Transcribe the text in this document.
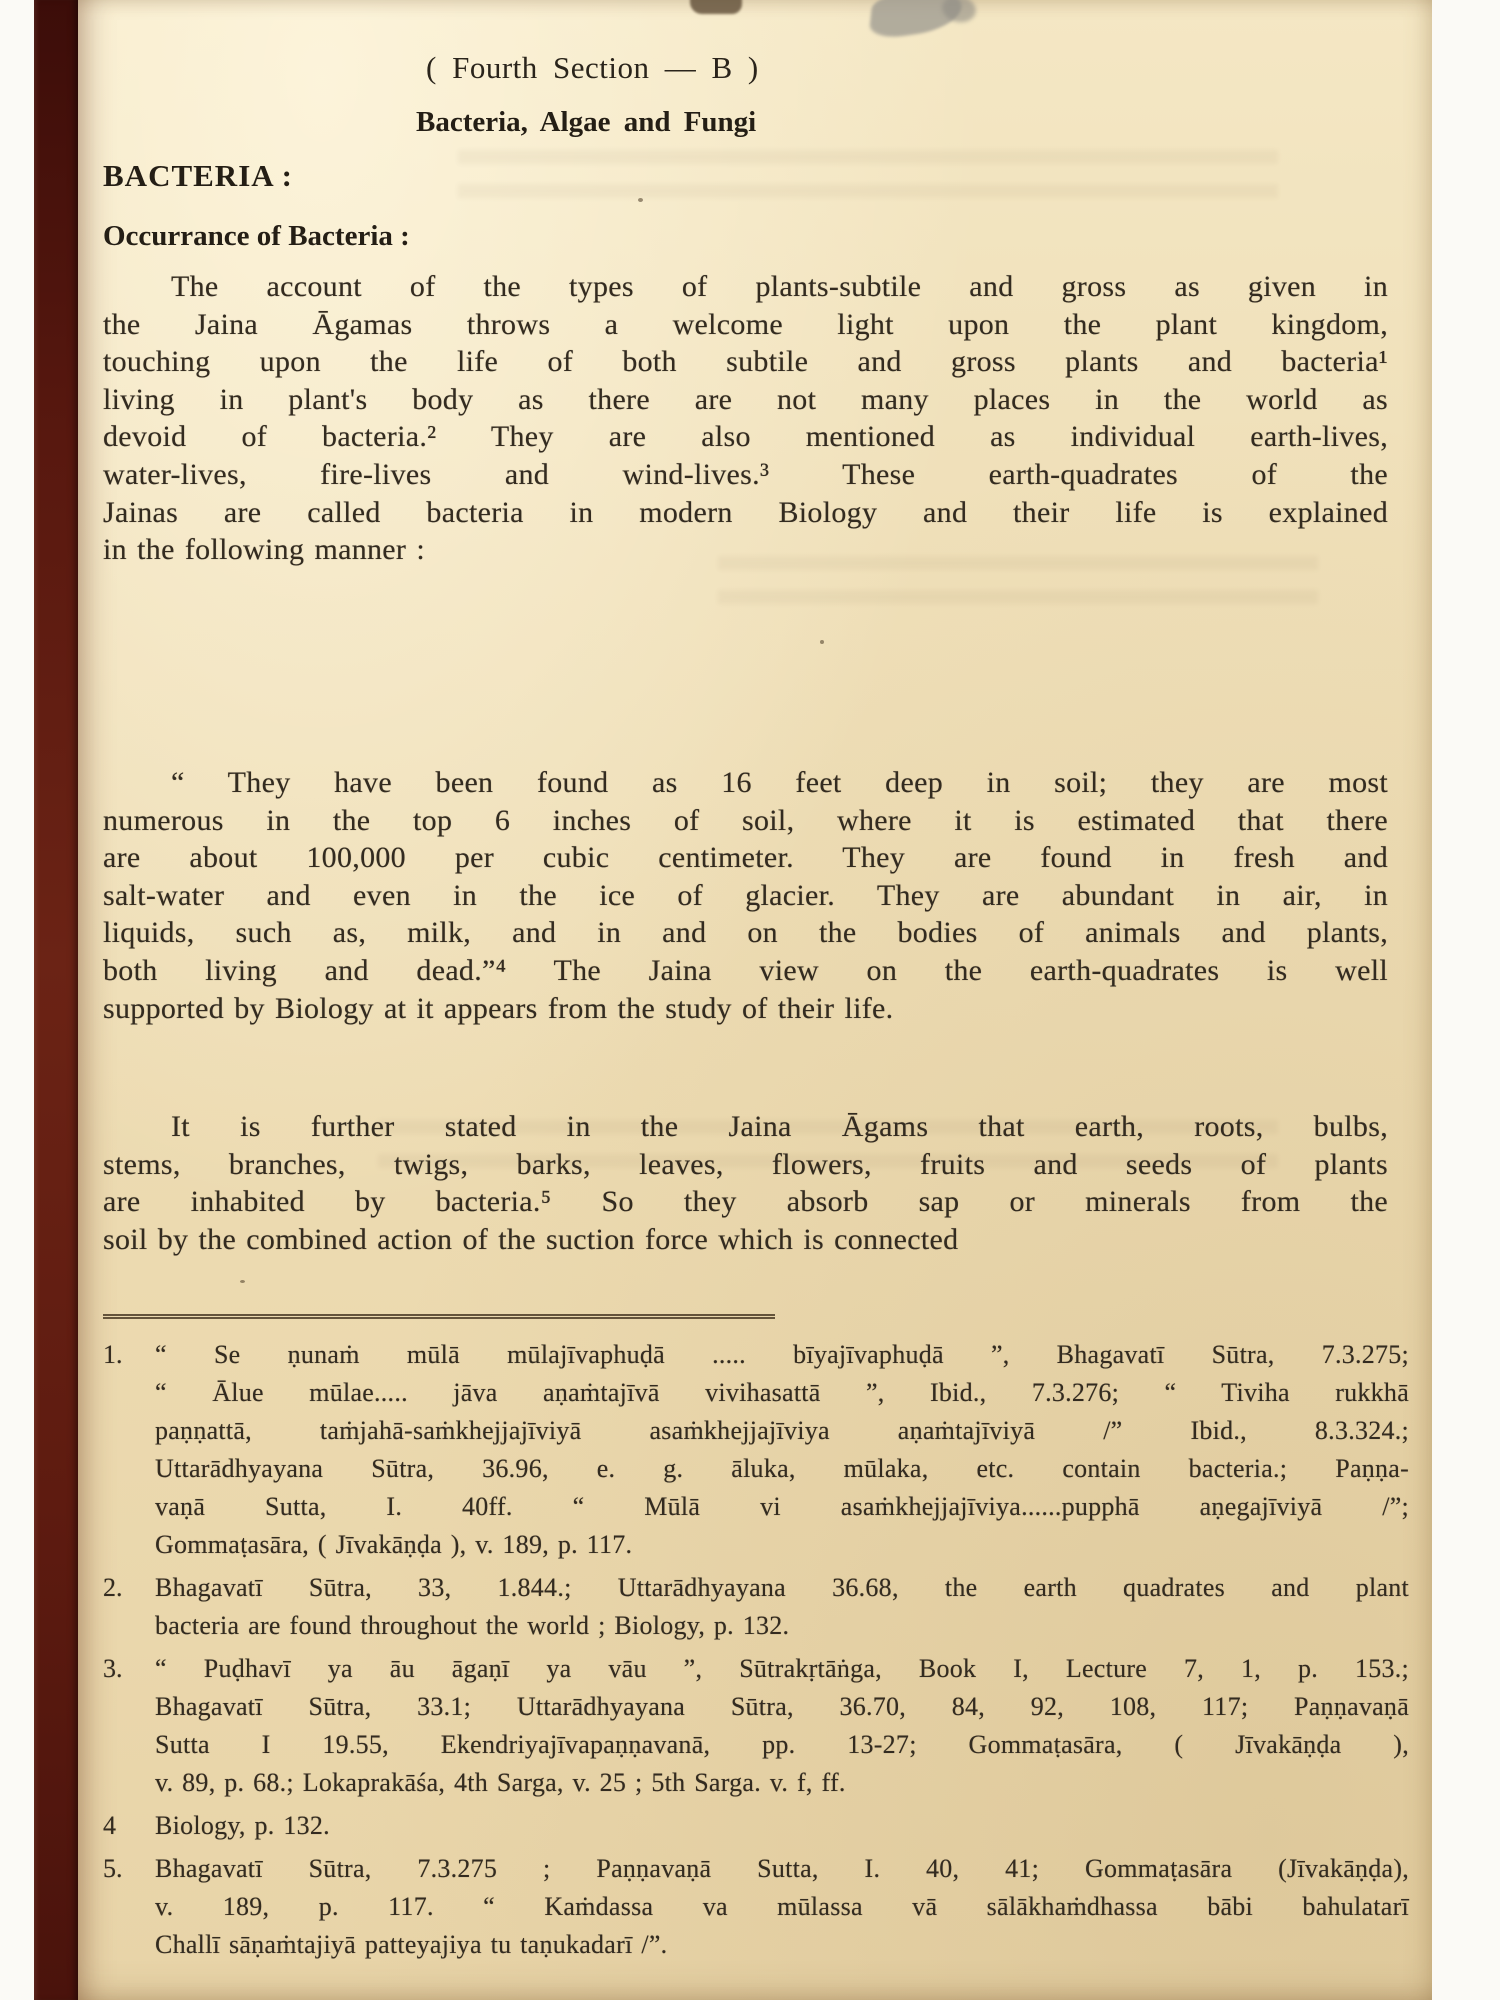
( Fourth Section — B )
Bacteria, Algae and Fungi
BACTERIA :
Occurrance of Bacteria :
The account of the types of plants-subtile and gross as given in
the Jaina Āgamas throws a welcome light upon the plant kingdom,
touching upon the life of both subtile and gross plants and bacteria¹
living in plant's body as there are not many places in the world as
devoid of bacteria.² They are also mentioned as individual earth-lives,
water-lives, fire-lives and wind-lives.³ These earth-quadrates of the
Jainas are called bacteria in modern Biology and their life is explained
in the following manner :
“ They have been found as 16 feet deep in soil; they are most
numerous in the top 6 inches of soil, where it is estimated that there
are about 100,000 per cubic centimeter. They are found in fresh and
salt-water and even in the ice of glacier. They are abundant in air, in
liquids, such as, milk, and in and on the bodies of animals and plants,
both living and dead.”⁴ The Jaina view on the earth-quadrates is well
supported by Biology at it appears from the study of their life.
It is further stated in the Jaina Āgams that earth, roots, bulbs,
stems, branches, twigs, barks, leaves, flowers, fruits and seeds of plants
are inhabited by bacteria.⁵ So they absorb sap or minerals from the
soil by the combined action of the suction force which is connected
1.	“ Se ṇunaṁ mūlā mūlajīvaphuḍā ..... bīyajīvaphuḍā ”, Bhagavatī Sūtra, 7.3.275;
“ Ālue mūlae..... jāva aṇaṁtajīvā vivihasattā ”, Ibid., 7.3.276; “ Tiviha rukkhā
paṇṇattā, taṁjahā-saṁkhejjajīviyā asaṁkhejjajīviya aṇaṁtajīviyā /” Ibid., 8.3.324.;
Uttarādhyayana Sūtra, 36.96, e. g. āluka, mūlaka, etc. contain bacteria.; Paṇṇa-
vaṇā Sutta, I. 40ff. “ Mūlā vi asaṁkhejjajīviya......pupphā aṇegajīviyā /”;
Gommaṭasāra, ( Jīvakāṇḍa ), v. 189, p. 117.
2.	Bhagavatī Sūtra, 33, 1.844.; Uttarādhyayana 36.68, the earth quadrates and plant
bacteria are found throughout the world ; Biology, p. 132.
3.	“ Puḍhavī ya āu āgaṇī ya vāu ”, Sūtrakṛtāṅga, Book I, Lecture 7, 1, p. 153.;
Bhagavatī Sūtra, 33.1; Uttarādhyayana Sūtra, 36.70, 84, 92, 108, 117; Paṇṇavaṇā
Sutta I 19.55, Ekendriyajīvapaṇṇavanā, pp. 13-27; Gommaṭasāra, ( Jīvakāṇḍa ),
v. 89, p. 68.; Lokaprakāśa, 4th Sarga, v. 25 ; 5th Sarga. v. f, ff.
4	Biology, p. 132.
5.	Bhagavatī Sūtra, 7.3.275 ; Paṇṇavaṇā Sutta, I. 40, 41; Gommaṭasāra (Jīvakāṇḍa),
v. 189, p. 117. “ Kaṁdassa va mūlassa vā sālākhaṁdhassa bābi bahulatarī
Challī sāṇaṁtajiyā patteyajiya tu taṇukadarī /”.
